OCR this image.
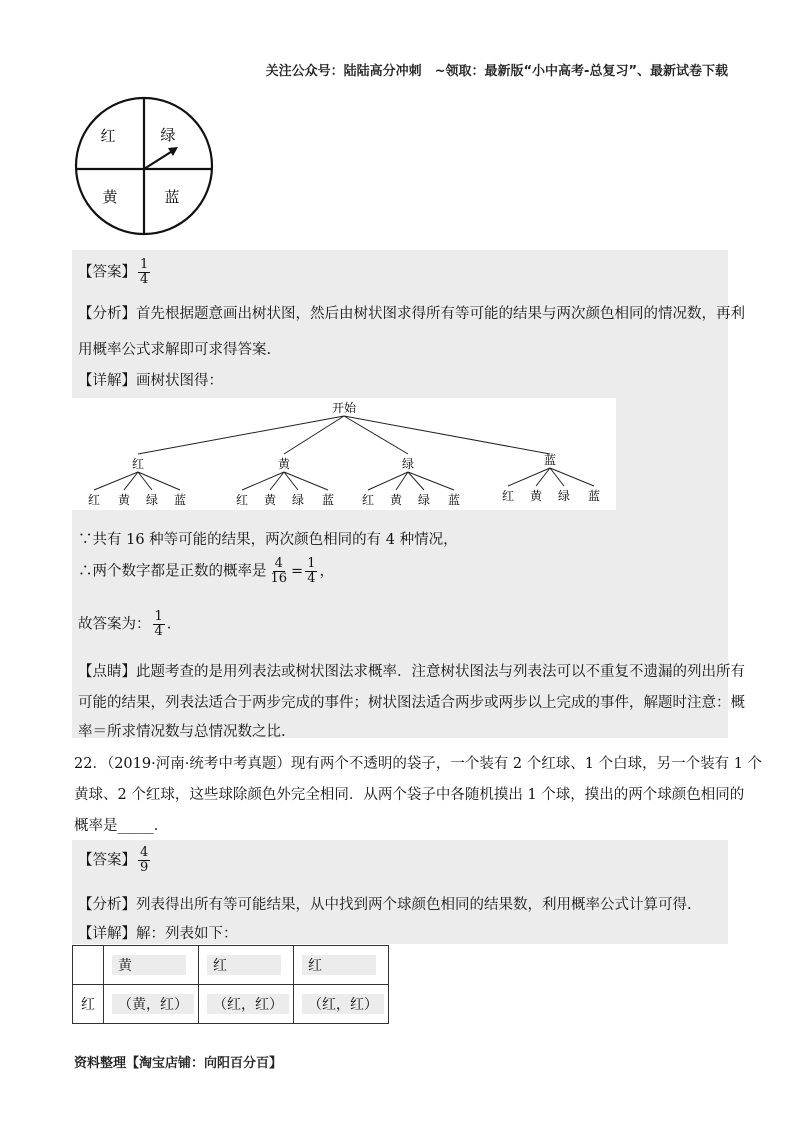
关注公众号：陆陆高分冲刺　~领取：最新版“小中高考-总复习”、最新试卷下载
红	绿
黄	蓝
【答案】 $\frac{1}{4}$
【分析】首先根据题意画出树状图，然后由树状图求得所有等可能的结果与两次颜色相同的情况数，再利
用概率公式求解即可求得答案.
【详解】画树状图得：
开始
红	黄	绿	蓝
红 黄 绿 蓝	红 黄 绿 蓝 红 黄 绿 蓝	红 黄 绿 蓝
∵共有 16 种等可能的结果，两次颜色相同的有 4 种情况，
∴两个数字都是正数的概率是 $\frac{4}{16} = \frac{1}{4}$ ，
故答案为： $\frac{1}{4}$ .
【点睛】此题考查的是用列表法或树状图法求概率．注意树状图法与列表法可以不重复不遗漏的列出所有
可能的结果，列表法适合于两步完成的事件；树状图法适合两步或两步以上完成的事件，解题时注意：概
率＝所求情况数与总情况数之比.
22．（2019·河南·统考中考真题）现有两个不透明的袋子，一个装有 2 个红球、1 个白球，另一个装有 1 个
黄球、2 个红球，这些球除颜色外完全相同．从两个袋子中各随机摸出 1 个球，摸出的两个球颜色相同的
概率是_____．
【答案】 $\frac{4}{9}$
【分析】列表得出所有等可能结果，从中找到两个球颜色相同的结果数，利用概率公式计算可得.
【详解】解：列表如下：
	黄	红	红
红	（黄，红）	（红，红）	（红，红）
资料整理【淘宝店铺：向阳百分百】
